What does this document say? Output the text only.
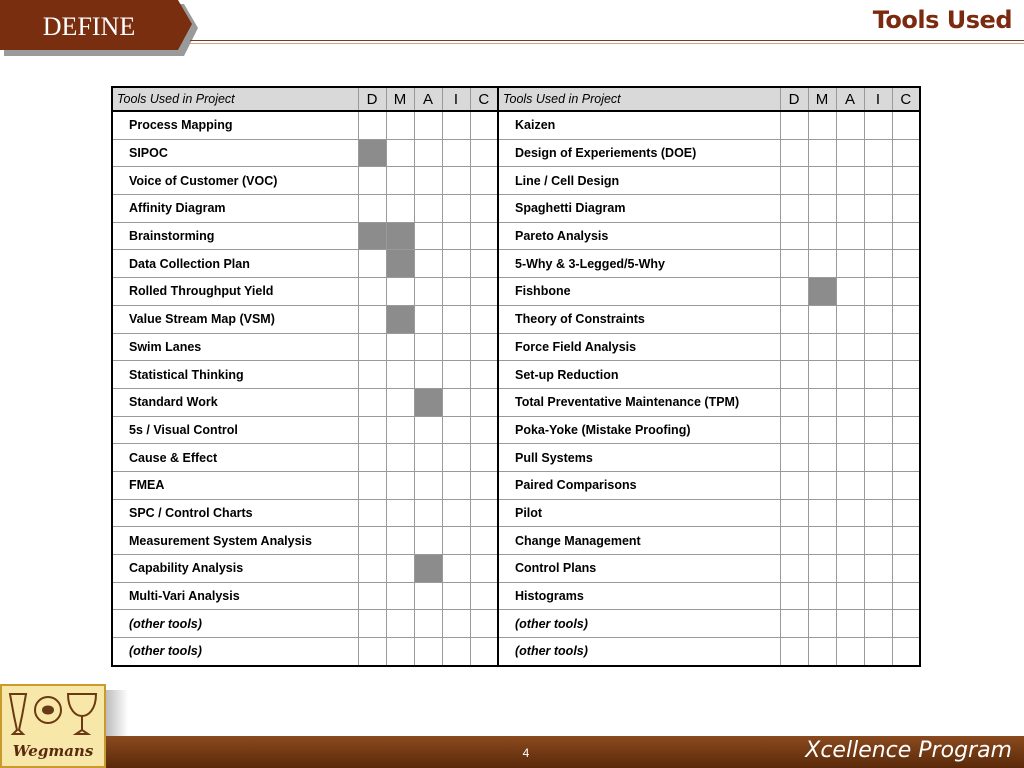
DEFINE	Tools Used
Tools Used in Project	D	M	A	I	C	Tools Used in Project	D	M	A	I	C
Process Mapping						Kaizen					
SIPOC						Design of Experiements (DOE)					
Voice of Customer (VOC)						Line / Cell Design					
Affinity Diagram						Spaghetti Diagram					
Brainstorming						Pareto Analysis					
Data Collection Plan						5-Why & 3-Legged/5-Why					
Rolled Throughput Yield						Fishbone					
Value Stream Map (VSM)						Theory of Constraints					
Swim Lanes						Force Field Analysis					
Statistical Thinking						Set-up Reduction					
Standard Work						Total Preventative Maintenance (TPM)					
5s / Visual Control						Poka-Yoke (Mistake Proofing)					
Cause & Effect						Pull Systems					
FMEA						Paired Comparisons					
SPC / Control Charts						Pilot					
Measurement System Analysis						Change Management					
Capability Analysis						Control Plans					
Multi-Vari Analysis						Histograms					
(other tools)						(other tools)					
(other tools)						(other tools)					
4	Xcellence Program
Wegmans
